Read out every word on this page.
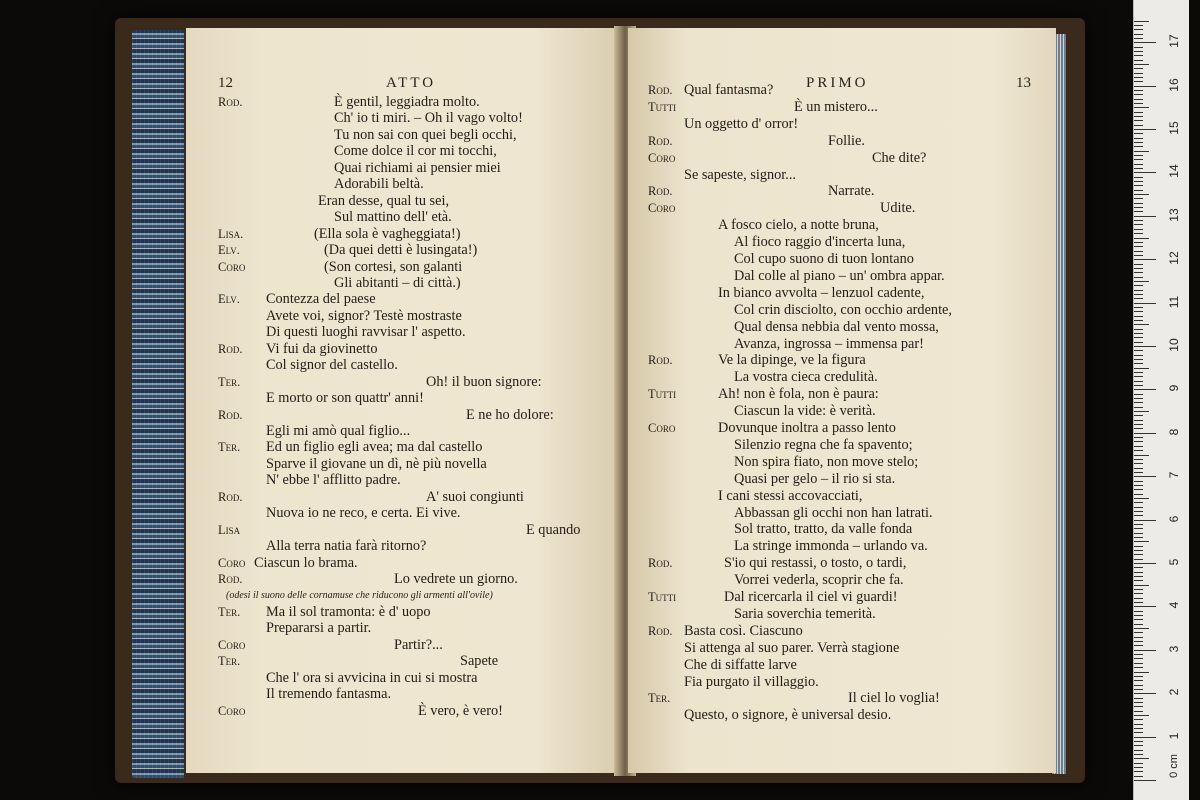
12	ATTO
Rod.	È gentil, leggiadra molto.
Ch' io ti miri. – Oh il vago volto!
Tu non sai con quei begli occhi,
Come dolce il cor mi tocchi,
Quai richiami ai pensier miei
Adorabili beltà.
Eran desse, qual tu sei,
Sul mattino dell' età.
Lisa.	(Ella sola è vagheggiata!)
Elv.	(Da quei detti è lusingata!)
Coro	(Son cortesi, son galanti
Gli abitanti – di città.)
Elv. Contezza del paese
Avete voi, signor? Testè mostraste
Di questi luoghi ravvisar l' aspetto.
Rod. Vi fui da giovinetto
Col signor del castello.
Ter.	Oh! il buon signore:
E morto or son quattr' anni!
Rod.	E ne ho dolore:
Egli mi amò qual figlio...
Ter. Ed un figlio egli avea; ma dal castello
Sparve il giovane un dì, nè più novella
N' ebbe l' afflitto padre.
Rod.	A' suoi congiunti
Nuova io ne reco, e certa. Ei vive.
Lisa	E quando
Alla terra natia farà ritorno?
Coro Ciascun lo brama.
Rod.	Lo vedrete un giorno.
(odesi il suono delle cornamuse che riducono gli armenti all'ovile)
Ter. Ma il sol tramonta: è d' uopo
Prepararsi a partir.
Coro	Partir?...
Ter.	Sapete
Che l' ora si avvicina in cui si mostra
Il tremendo fantasma.
Coro	È vero, è vero!
PRIMO	13
Rod. Qual fantasma?
Tutti	È un mistero...
Un oggetto d' orror!
Rod.	Follie.
Coro	Che dite?
Se sapeste, signor...
Rod.	Narrate.
Coro	Udite.
A fosco cielo, a notte bruna,
Al fioco raggio d'incerta luna,
Col cupo suono di tuon lontano
Dal colle al piano – un' ombra appar.
In bianco avvolta – lenzuol cadente,
Col crin disciolto, con occhio ardente,
Qual densa nebbia dal vento mossa,
Avanza, ingrossa – immensa par!
Rod.	Ve la dipinge, ve la figura
La vostra cieca credulità.
Tutti	Ah! non è fola, non è paura:
Ciascun la vide: è verità.
Coro	Dovunque inoltra a passo lento
Silenzio regna che fa spavento;
Non spira fiato, non move stelo;
Quasi per gelo – il rio si sta.
I cani stessi accovacciati,
Abbassan gli occhi non han latrati.
Sol tratto, tratto, da valle fonda
La stringe immonda – urlando va.
Rod.	S'io qui restassi, o tosto, o tardi,
Vorrei vederla, scoprir che fa.
Tutti	Dal ricercarla il ciel vi guardi!
Saria soverchia temerità.
Rod. Basta così. Ciascuno
Si attenga al suo parer. Verrà stagione
Che di siffatte larve
Fia purgato il villaggio.
Ter.	Il ciel lo voglia!
Questo, o signore, è universal desio.
1
2
3
4
5
6
7
8
9
10
11
12
13
14
15
16
17
0 cm
